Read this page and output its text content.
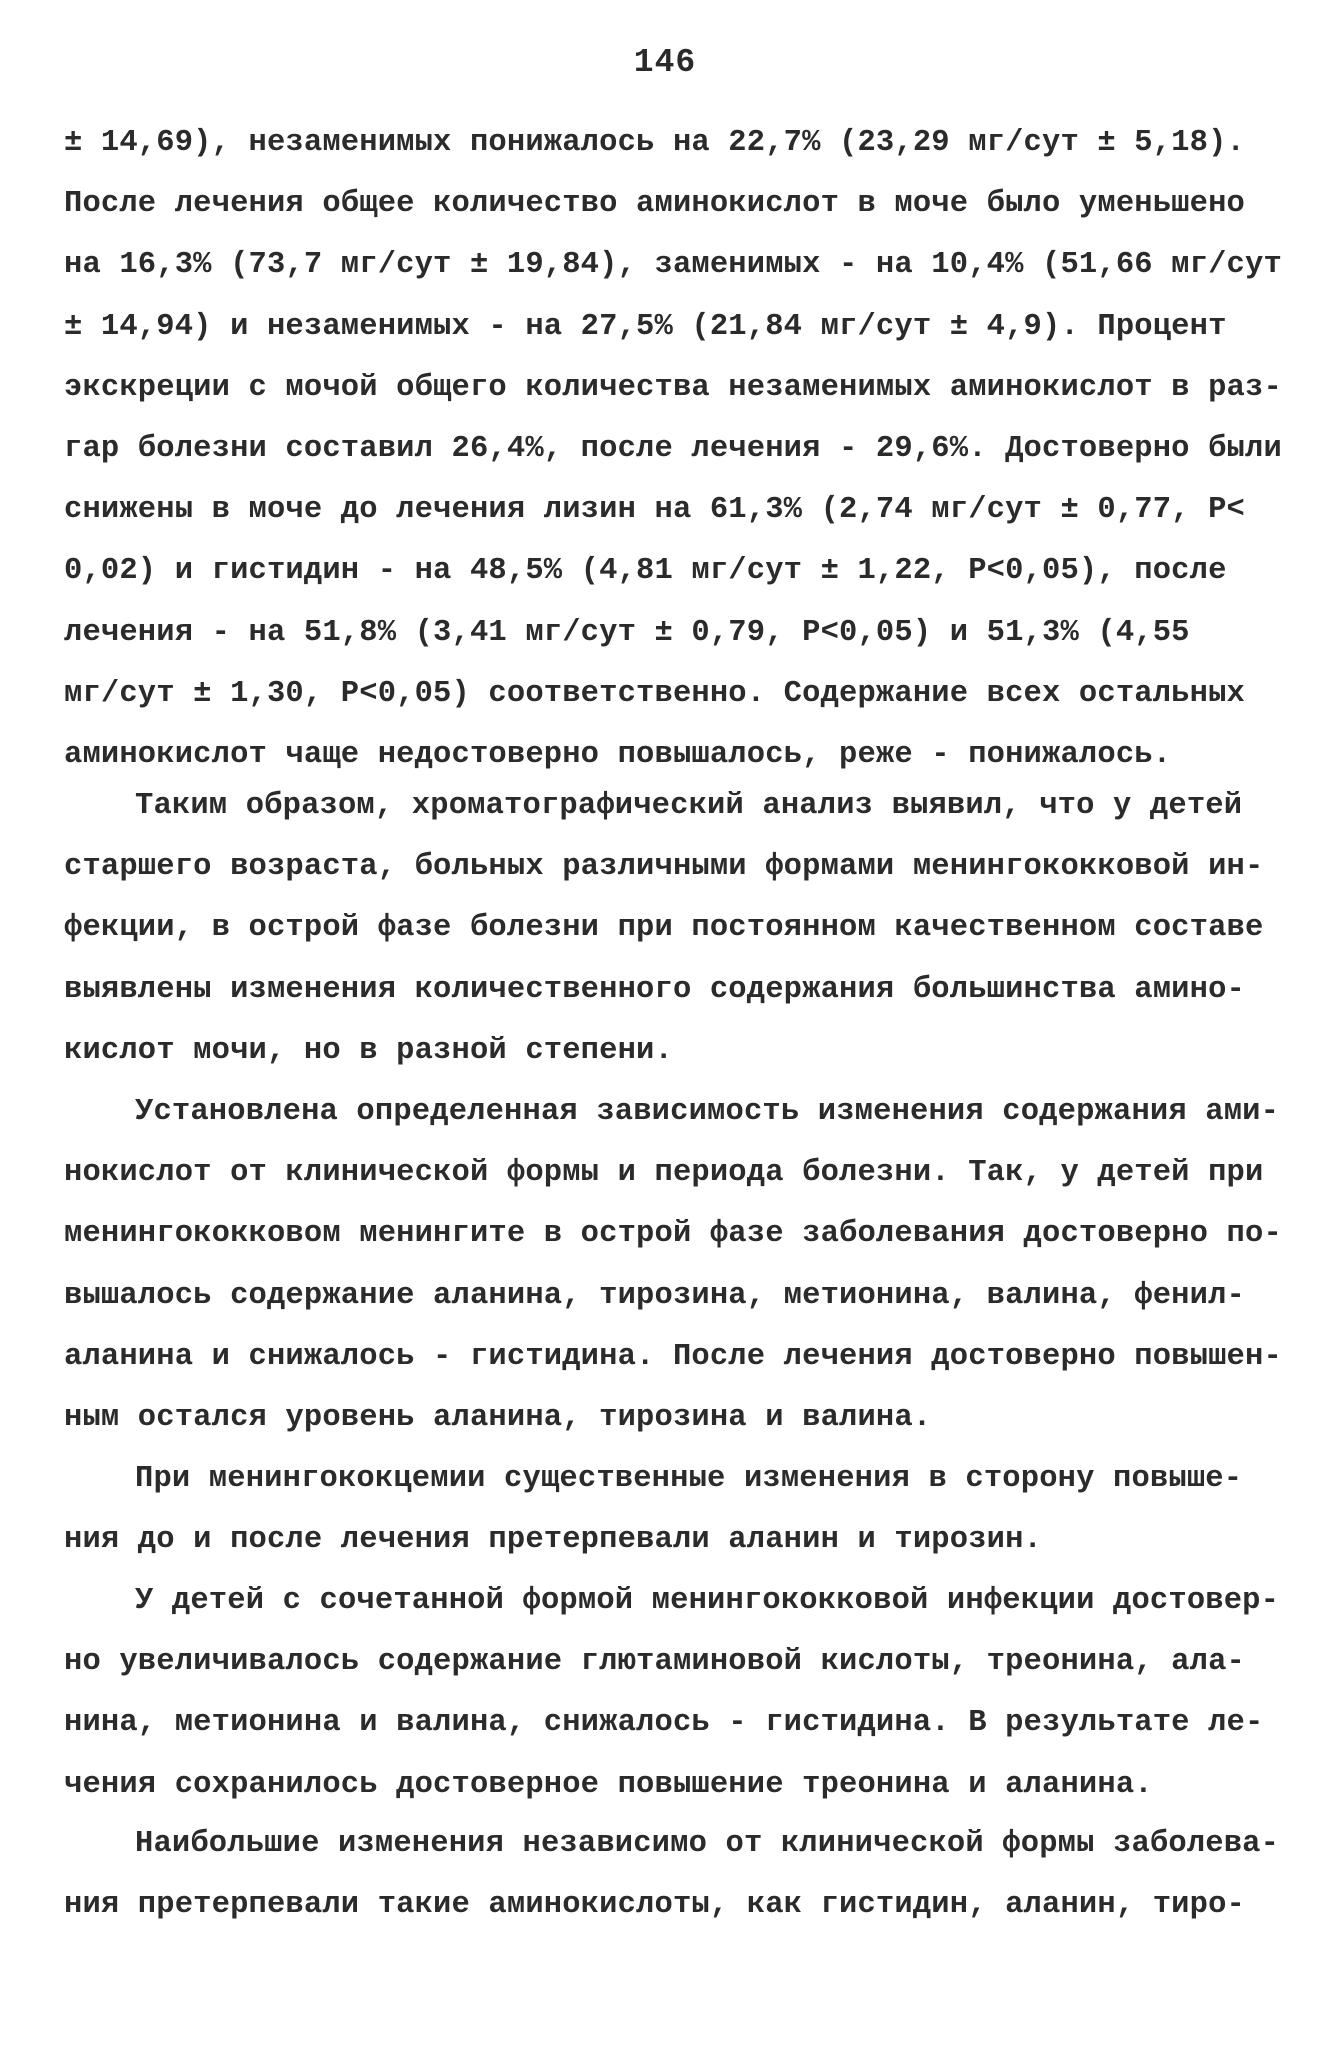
146
± 14,69), незаменимых понижалось на 22,7% (23,29 мг/сут ± 5,18).
После лечения общее количество аминокислот в моче было уменьшено
на 16,3% (73,7 мг/сут ± 19,84), заменимых - на 10,4% (51,66 мг/сут
± 14,94) и незаменимых - на 27,5% (21,84 мг/сут ± 4,9). Процент
экскреции с мочой общего количества незаменимых аминокислот в раз-
гар болезни составил 26,4%, после лечения - 29,6%. Достоверно были
снижены в моче до лечения лизин на 61,3% (2,74 мг/сут ± 0,77, P<
0,02) и гистидин - на 48,5% (4,81 мг/сут ± 1,22, P<0,05), после
лечения - на 51,8% (3,41 мг/сут ± 0,79, P<0,05) и 51,3% (4,55
мг/сут ± 1,30, P<0,05) соответственно. Содержание всех остальных
аминокислот чаще недостоверно повышалось, реже - понижалось.
Таким образом, хроматографический анализ выявил, что у детей
старшего возраста, больных различными формами менингококковой ин-
фекции, в острой фазе болезни при постоянном качественном составе
выявлены изменения количественного содержания большинства амино-
кислот мочи, но в разной степени.
Установлена определенная зависимость изменения содержания ами-
нокислот от клинической формы и периода болезни. Так, у детей при
менингококковом менингите в острой фазе заболевания достоверно по-
вышалось содержание аланина, тирозина, метионина, валина, фенил-
аланина и снижалось - гистидина. После лечения достоверно повышен-
ным остался уровень аланина, тирозина и валина.
При менингококцемии существенные изменения в сторону повыше-
ния до и после лечения претерпевали аланин и тирозин.
У детей с сочетанной формой менингококковой инфекции достовер-
но увеличивалось содержание глютаминовой кислоты, треонина, ала-
нина, метионина и валина, снижалось - гистидина. В результате ле-
чения сохранилось достоверное повышение треонина и аланина.
Наибольшие изменения независимо от клинической формы заболева-
ния претерпевали такие аминокислоты, как гистидин, аланин, тиро-
